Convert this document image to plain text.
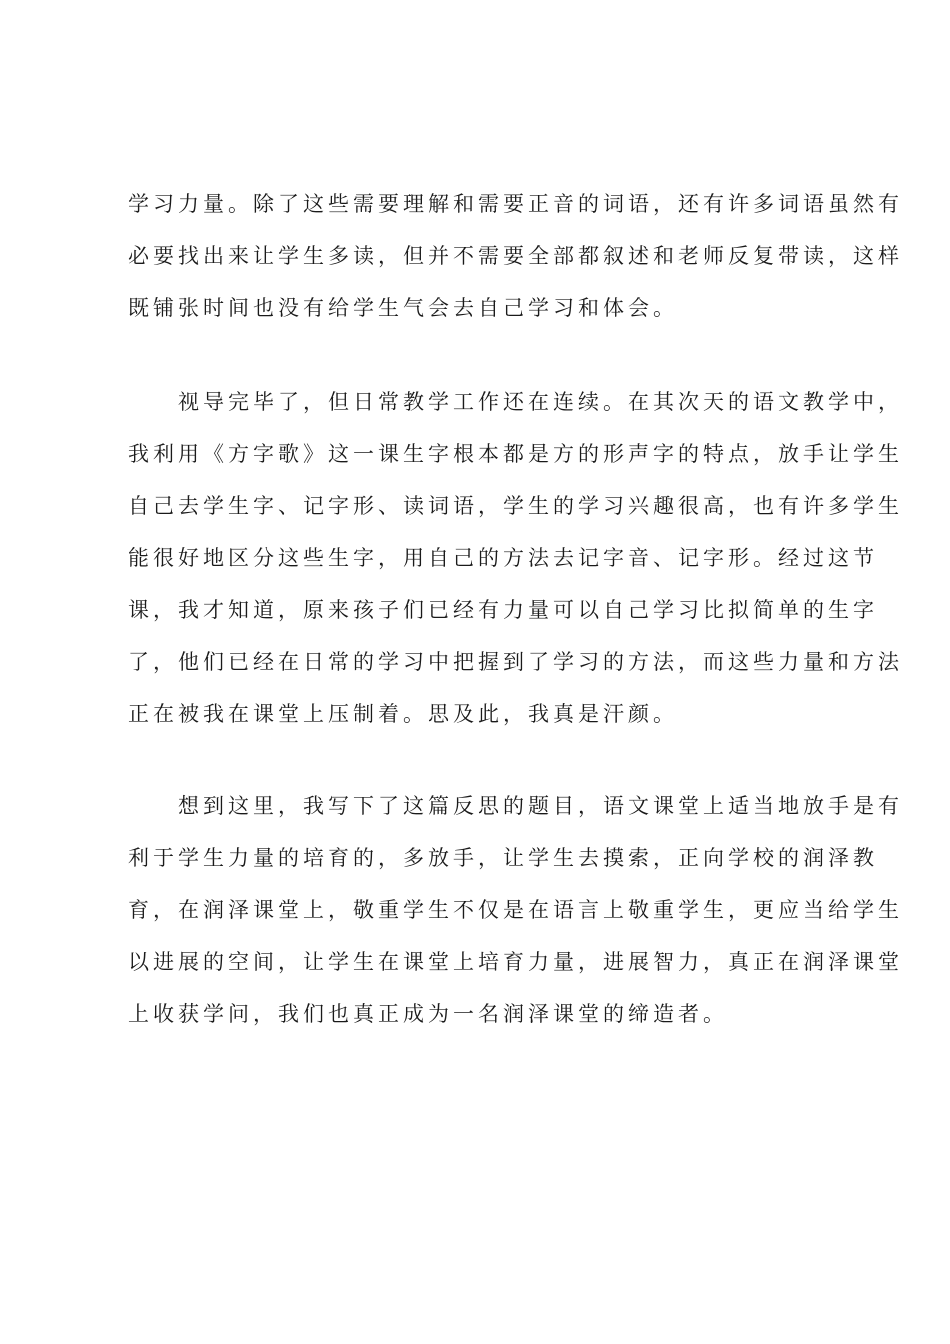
学习力量。除了这些需要理解和需要正音的词语，还有许多词语虽然有
必要找出来让学生多读，但并不需要全部都叙述和老师反复带读，这样
既铺张时间也没有给学生气会去自己学习和体会。

　　视导完毕了，但日常教学工作还在连续。在其次天的语文教学中，
我利用《方字歌》这一课生字根本都是方的形声字的特点，放手让学生
自己去学生字、记字形、读词语，学生的学习兴趣很高，也有许多学生
能很好地区分这些生字，用自己的方法去记字音、记字形。经过这节
课，我才知道，原来孩子们已经有力量可以自己学习比拟简单的生字
了，他们已经在日常的学习中把握到了学习的方法，而这些力量和方法
正在被我在课堂上压制着。思及此，我真是汗颜。

　　想到这里，我写下了这篇反思的题目，语文课堂上适当地放手是有
利于学生力量的培育的，多放手，让学生去摸索，正向学校的润泽教
育，在润泽课堂上，敬重学生不仅是在语言上敬重学生，更应当给学生
以进展的空间，让学生在课堂上培育力量，进展智力，真正在润泽课堂
上收获学问，我们也真正成为一名润泽课堂的缔造者。
